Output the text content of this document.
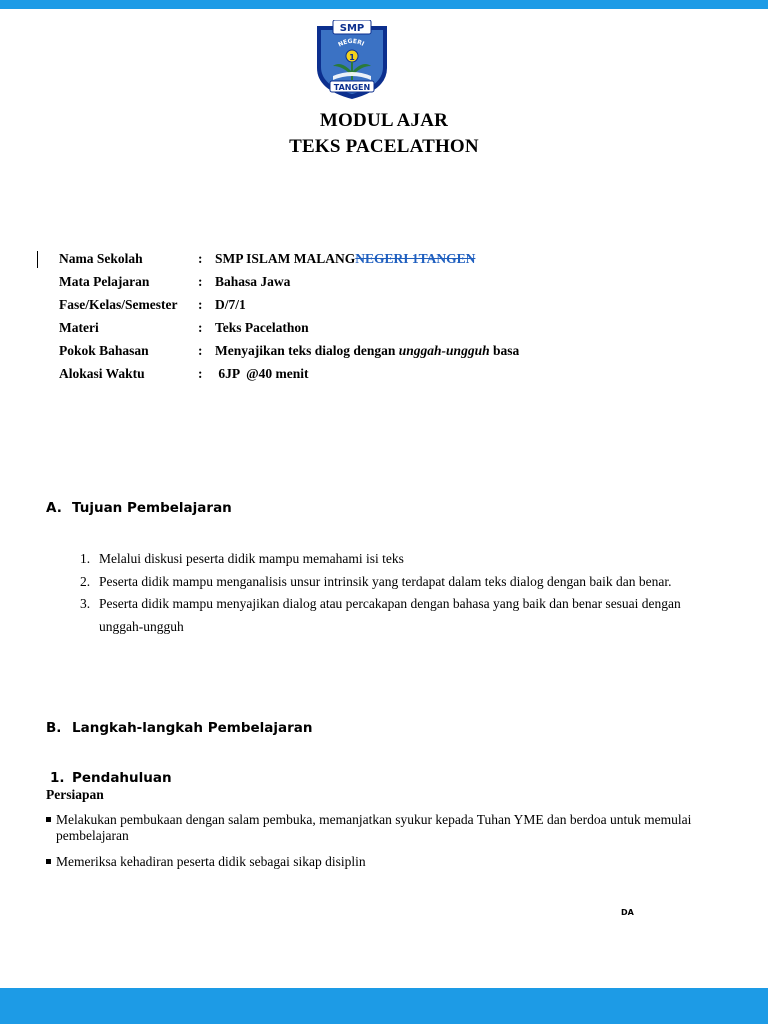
SMP
NEGERI
1
TANGEN
MODUL AJAR
TEKS PACELATHON
Nama Sekolah	: SMP ISLAM MALANGNEGERI 1TANGEN
Mata Pelajaran	: Bahasa Jawa
Fase/Kelas/Semester : D/7/1
Materi	: Teks Pacelathon
Pokok Bahasan	: Menyajikan teks dialog dengan unggah-ungguh basa
Alokasi Waktu	: 6JP  @40 menit
A. Tujuan Pembelajaran
1. Melalui diskusi peserta didik mampu memahami isi teks
2. Peserta didik mampu menganalisis unsur intrinsik yang terdapat dalam teks dialog dengan baik dan benar.
3. Peserta didik mampu menyajikan dialog atau percakapan dengan bahasa yang baik dan benar sesuai dengan unggah-ungguh
B. Langkah-langkah Pembelajaran
1. Pendahuluan
Persiapan
Melakukan pembukaan dengan salam pembuka, memanjatkan syukur kepada Tuhan YME dan berdoa untuk memulai pembelajaran
Memeriksa kehadiran peserta didik sebagai sikap disiplin
DA
